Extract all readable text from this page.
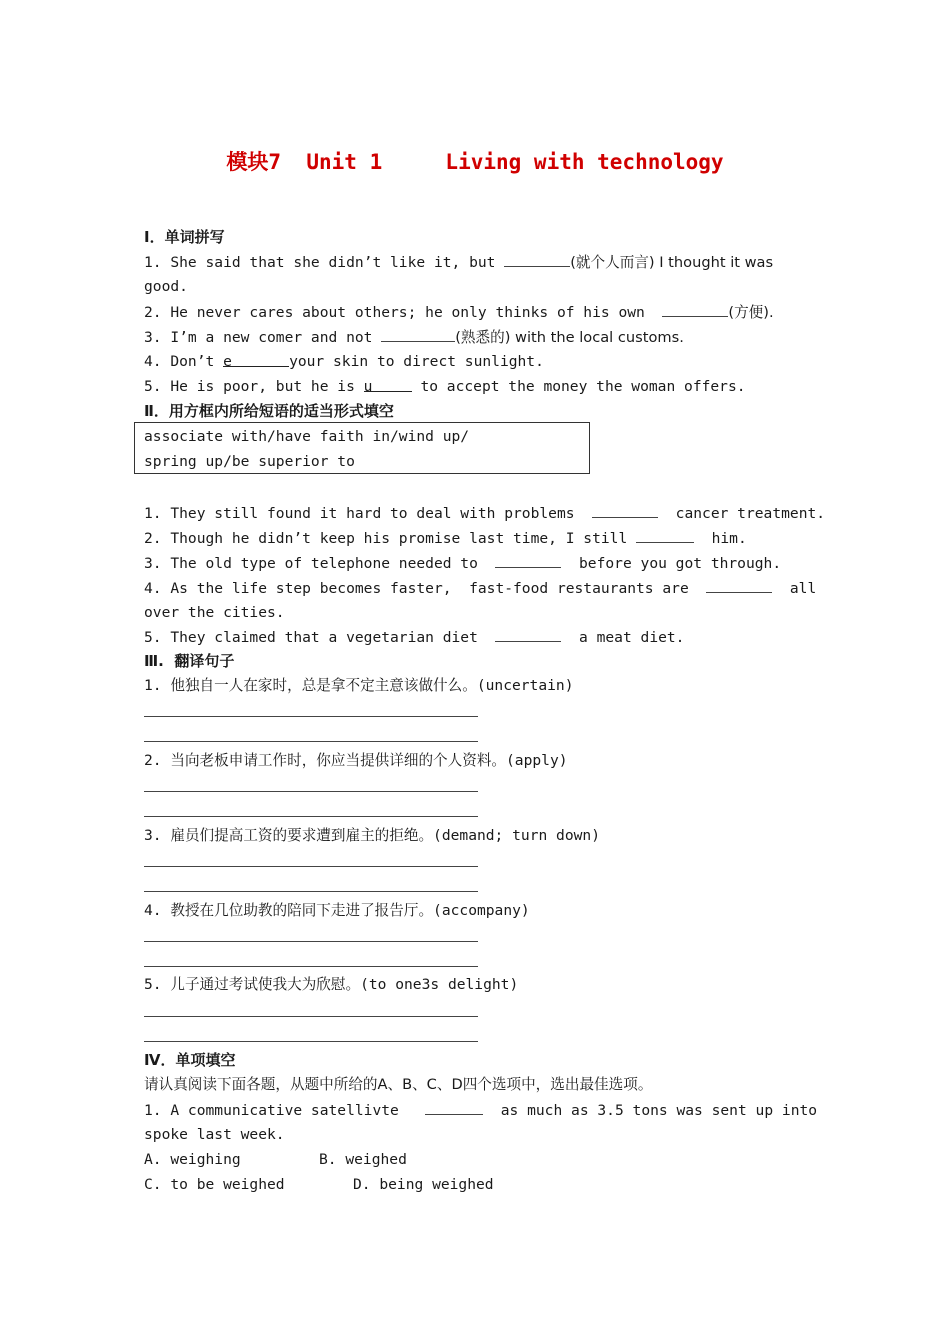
模块7  Unit 1     Living with technology
Ⅰ．单词拼写
1. She said that she didn’t like it, but	(就个人而言) I thought it was
good.
2. He never cares about others; he only thinks of his own	(方便).
3. I’m a new comer and not	(熟悉的) with the local customs.
4. Don’t e	your skin to direct sunlight.
5. He is poor, but he is u	to accept the money the woman offers.
Ⅱ．用方框内所给短语的适当形式填空
associate with/have faith in/wind up/
spring up/be superior to
1. They still found it hard to deal with problems	cancer treatment.
2. Though he didn’t keep his promise last time, I still	him.
3. The old type of telephone needed to	before you got through.
4. As the life step becomes faster,  fast-food restaurants are	all
over the cities.
5. They claimed that a vegetarian diet	a meat diet.
Ⅲ.  翻译句子
1. 他独自一人在家时，总是拿不定主意该做什么。(uncertain)
2. 当向老板申请工作时，你应当提供详细的个人资料。(apply)
3. 雇员们提高工资的要求遭到雇主的拒绝。(demand; turn down)
4. 教授在几位助教的陪同下走进了报告厅。(accompany)
5. 儿子通过考试使我大为欣慰。(to one3s delight)
Ⅳ．单项填空
请认真阅读下面各题，从题中所给的A、B、C、D四个选项中，选出最佳选项。
1. A communicative satellivte	as much as 3.5 tons was sent up into
spoke last week.
A. weighing	B. weighed
C. to be weighed	D. being weighed
